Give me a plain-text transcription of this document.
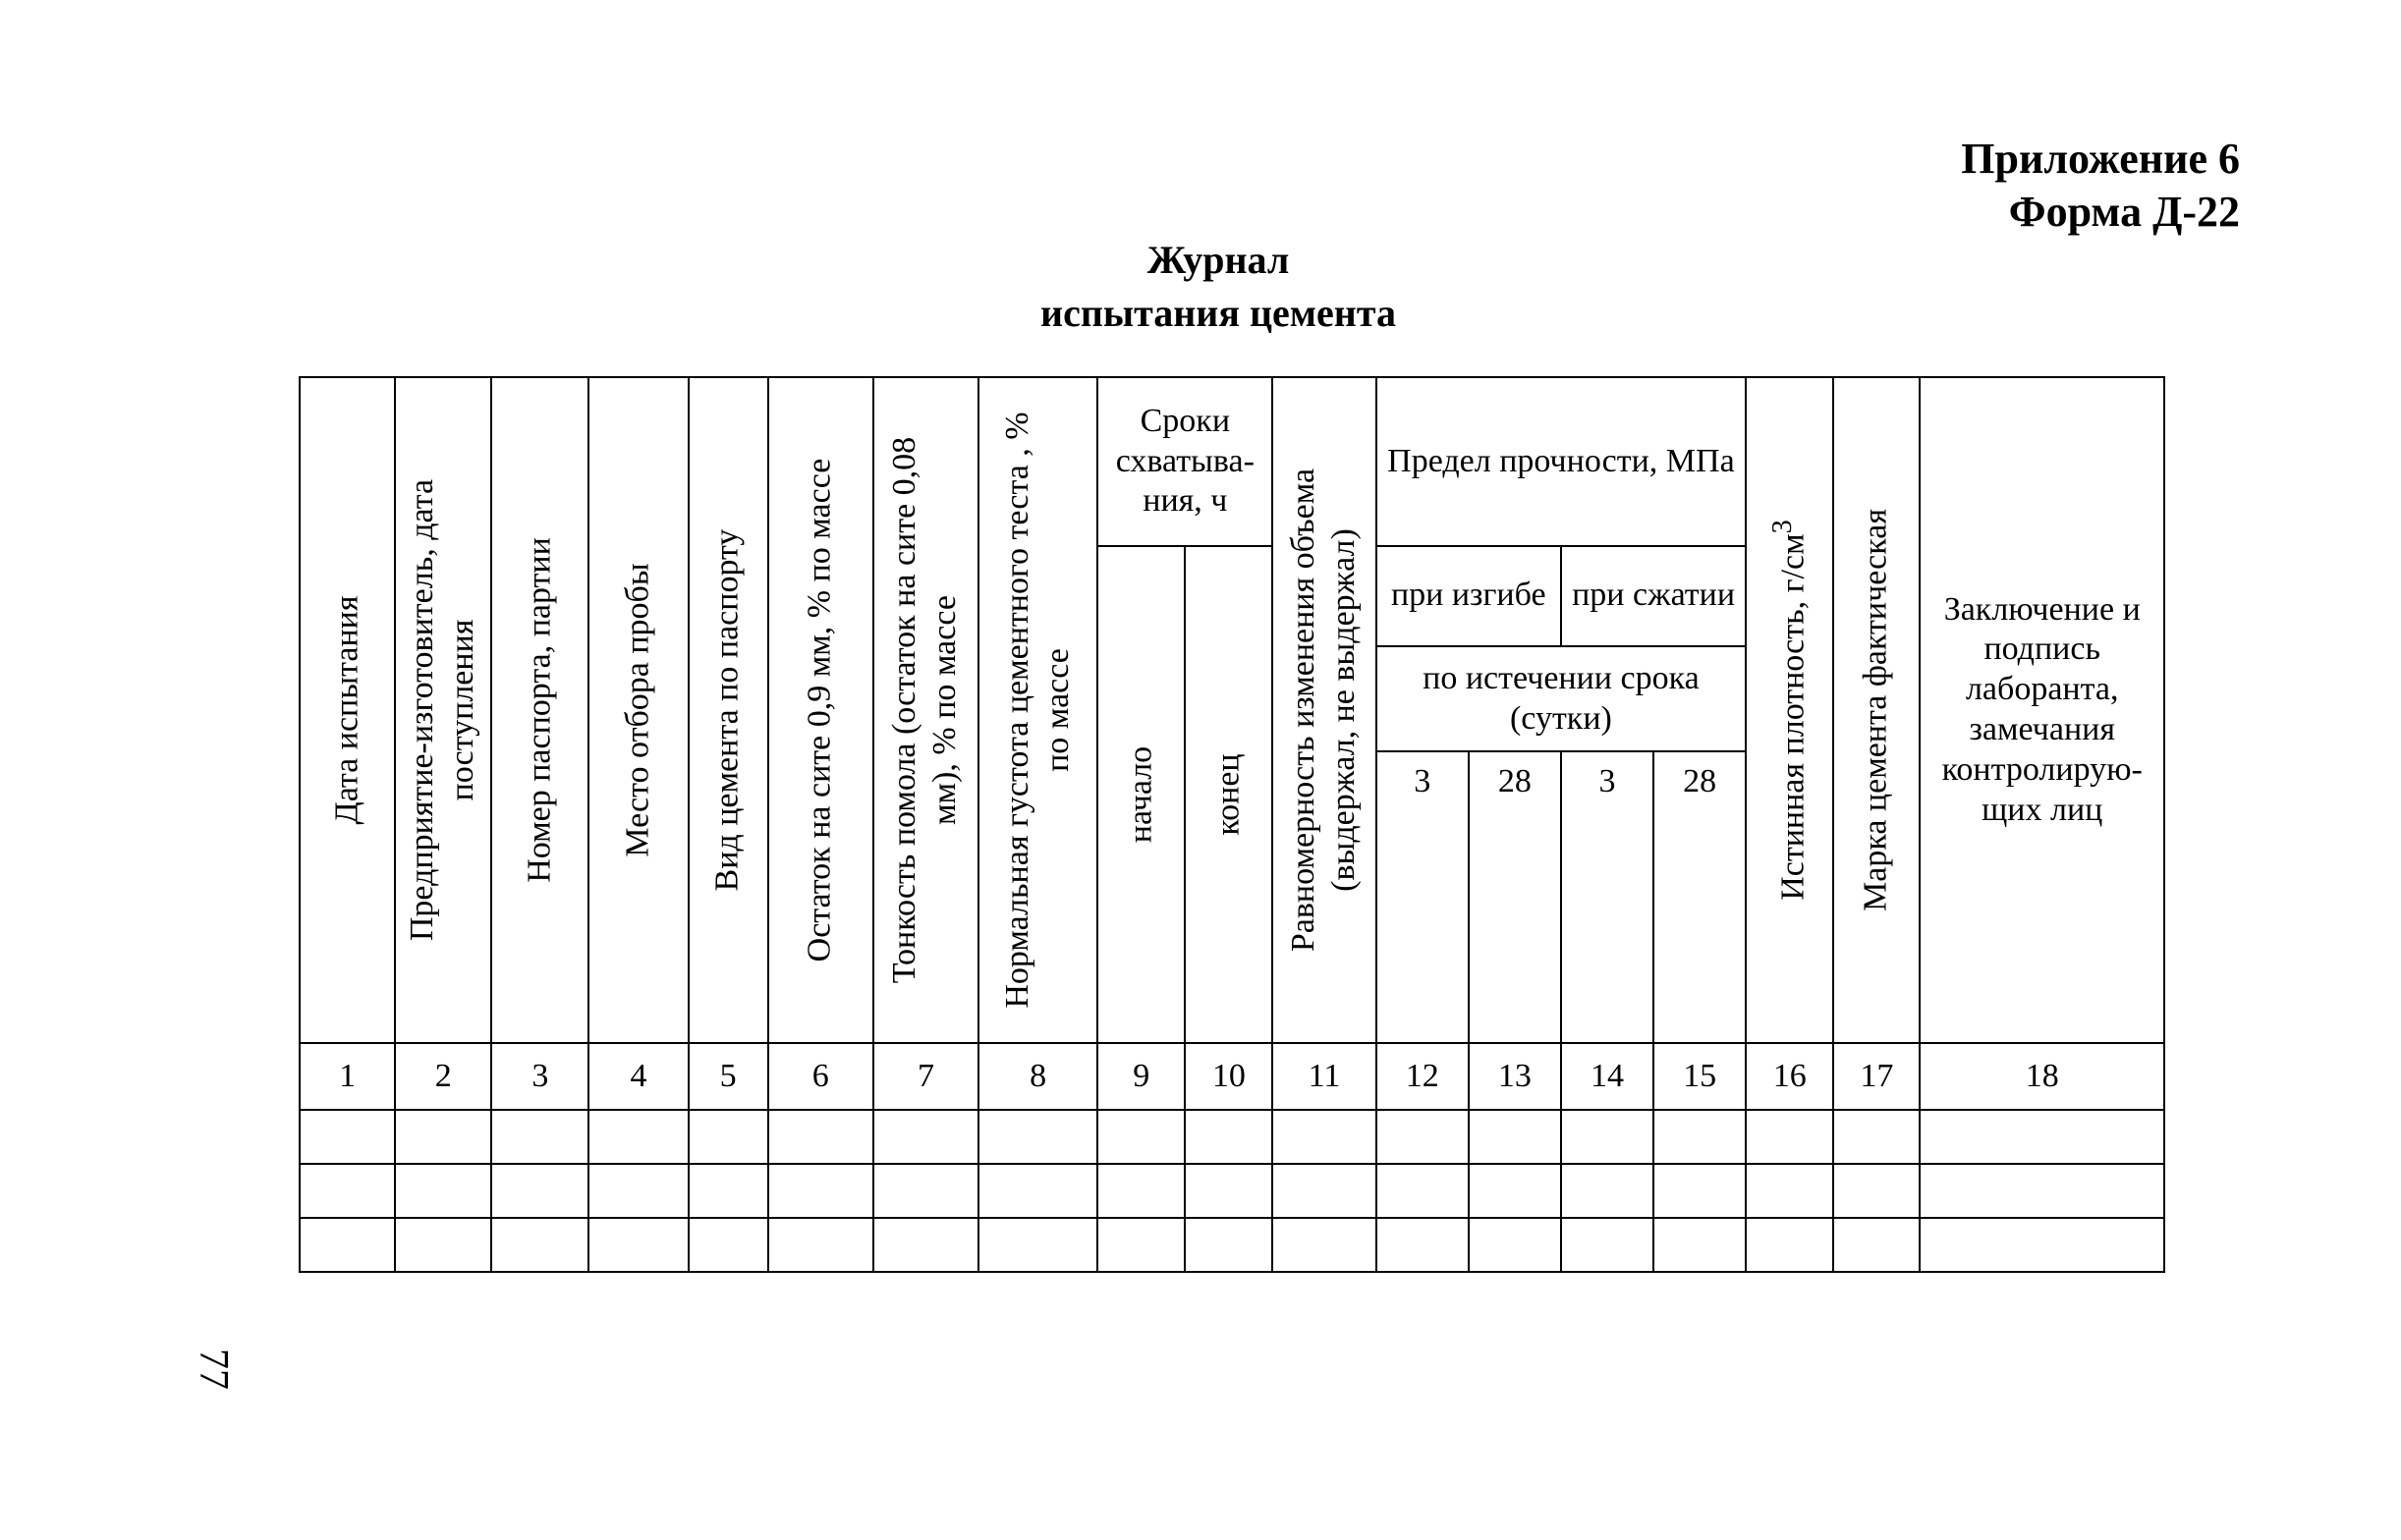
Приложение 6
Форма Д-22
Журнал
испытания цемента
Дата испытания	Предприятие-изготовитель, дата поступления	Номер паспорта, партии	Место отбора пробы	Вид цемента по паспорту	Остаток на сите 0,9 мм, % по массе	Тонкость помола (остаток на сите 0,08 мм), % по массе	Нормальная густота цементного теста , % по массе	Сроки схватыва-ния, ч		Равномерность изменения объема (выдержал, не выдержал)	Предел прочности, МПа				Истинная плотность, $г/см^3$	Марка цемента фактическая	Заключение и подпись лаборанта, замечания контролирую-щих лиц

								начало	конец		при изгибе		при сжатии				
											по истечении срока (сутки)						
											3	28	3	28			
1	2	3	4	5	6	7	8	9	10	11	12	13	14	15	16	17	18

77
